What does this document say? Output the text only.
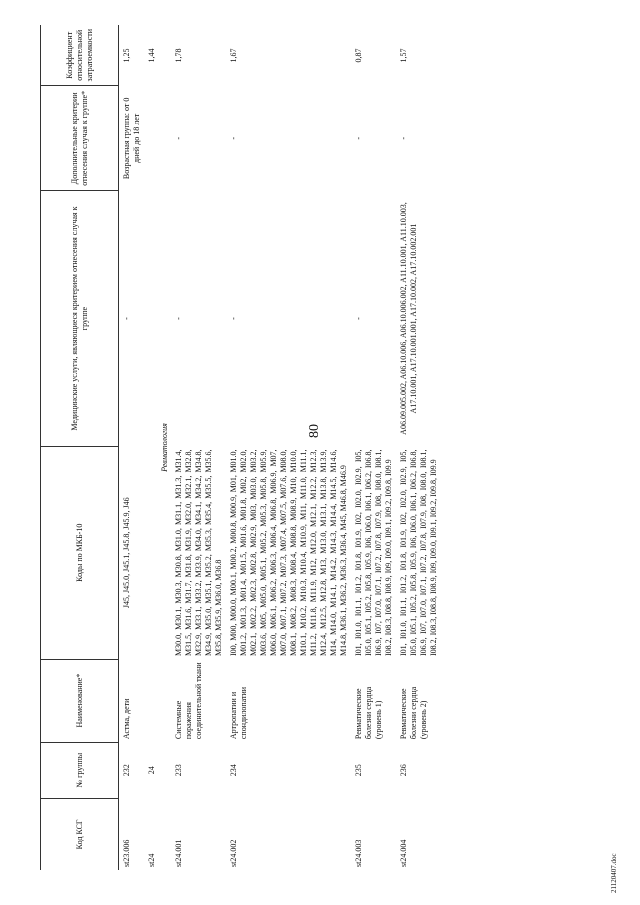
80
21120407.doc
Код КСГ	№ группы	Наименование*	Коды по МКБ-10	Медицинские услуги, являющиеся критерием отнесения случая к группе	Дополнительные критерии отнесения случая к группе*	Коэффициент относительной затратоемкости
st23.006	232	Астма, дети	J45, J45.0, J45.1, J45.8, J45.9, J46	-	Возрастная группа: от 0 дней до 18 лет	1,25
st24	24					1,44
Ревматология						
st24.001	233	Системные поражения соединительной ткани	M30.0, M30.1, M30.3, M30.8, M31.0, M31.1, M31.3, M31.4, M31.5, M31.6, M31.7, M31.8, M31.9, M32.0, M32.1, M32.8, M32.9, M33.1, M33.2, M33.9, M34.0, M34.1, M34.2, M34.8, M34.9, M35.0, M35.1, M35.2, M35.3, M35.4, M35.5, M35.6, M35.8, M35.9, M36.0, M36.8	-	-	1,78
st24.002	234	Артропатии и спондилопатии	I00, M00, M00.0, M00.1, M00.2, M00.8, M00.9, M01, M01.0, M01.2, M01.3, M01.4, M01.5, M01.6, M01.8, M02, M02.0, M02.1, M02.2, M02.3, M02.8, M02.9, M03, M03.0, M03.2, M03.6, M05, M05.0, M05.1, M05.2, M05.3, M05.8, M05.9, M06.0, M06.1, M06.2, M06.3, M06.4, M06.8, M06.9, M07, M07.0, M07.1, M07.2, M07.3, M07.4, M07.5, M07.6, M08.0, M08.1, M08.2, M08.3, M08.4, M08.8, M08.9, M10, M10.0, M10.1, M10.2, M10.3, M10.4, M10.9, M11, M11.0, M11.1, M11.2, M11.8, M11.9, M12, M12.0, M12.1, M12.2, M12.3, M12.4, M12.5, M12.8, M13, M13.0, M13.1, M13.8, M13.9, M14, M14.0, M14.1, M14.2, M14.3, M14.4, M14.5, M14.6, M14.8, M36.1, M36.2, M36.3, M36.4, M45, M46.8, M46.9	-	-	1,67
st24.003	235	Ревматические болезни сердца (уровень 1)	I01, I01.0, I01.1, I01.2, I01.8, I01.9, I02, I02.0, I02.9, I05, I05.0, I05.1, I05.2, I05.8, I05.9, I06, I06.0, I06.1, I06.2, I06.8, I06.9, I07, I07.0, I07.1, I07.2, I07.8, I07.9, I08, I08.0, I08.1, I08.2, I08.3, I08.8, I08.9, I09, I09.0, I09.1, I09.2, I09.8, I09.9	-	-	0,87
st24.004	236	Ревматические болезни сердца (уровень 2)	I01, I01.0, I01.1, I01.2, I01.8, I01.9, I02, I02.0, I02.9, I05, I05.0, I05.1, I05.2, I05.8, I05.9, I06, I06.0, I06.1, I06.2, I06.8, I06.9, I07, I07.0, I07.1, I07.2, I07.8, I07.9, I08, I08.0, I08.1, I08.2, I08.3, I08.8, I08.9, I09, I09.0, I09.1, I09.2, I09.8, I09.9	A06.09.005.002, A06.10.006, A06.10.006.002, A11.10.001, A11.10.003, A17.10.001, A17.10.001.001, A17.10.002, A17.10.002.001	-	1,57
